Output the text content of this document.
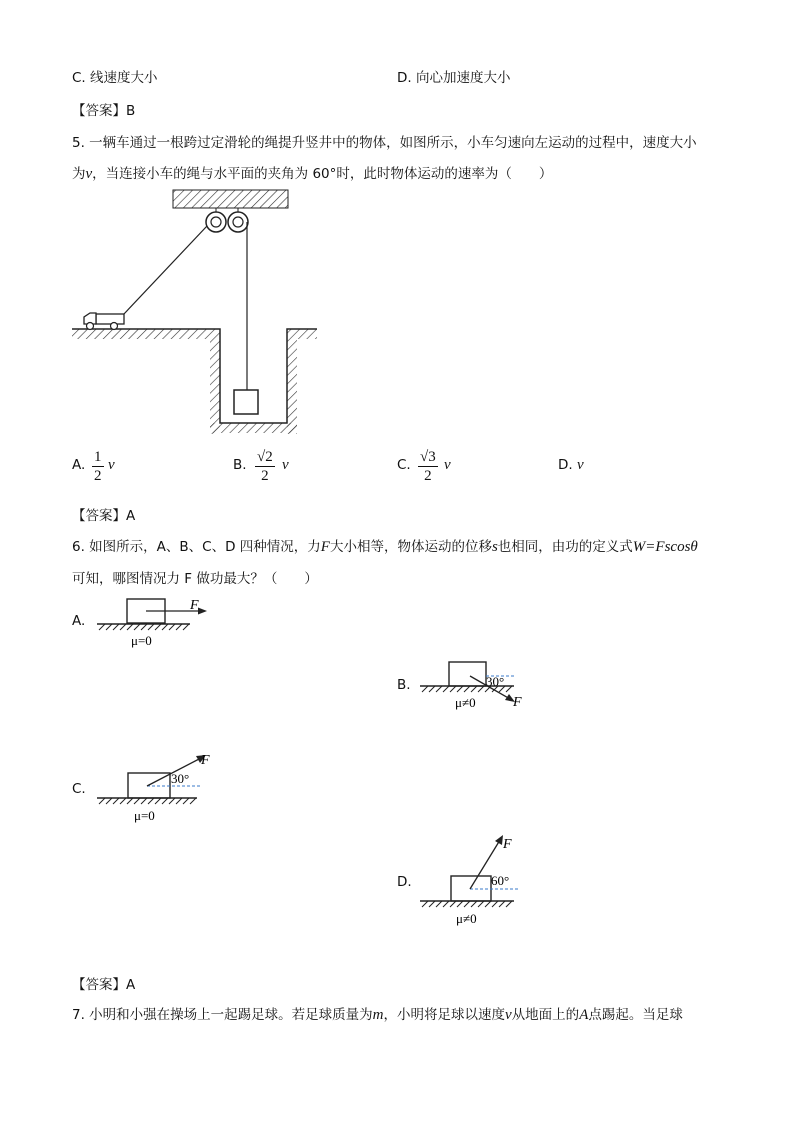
C. 线速度大小	D. 向心加速度大小
【答案】B
5. 一辆车通过一根跨过定滑轮的绳提升竖井中的物体，如图所示，小车匀速向左运动的过程中，速度大小
为v，当连接小车的绳与水平面的夹角为 60°时，此时物体运动的速率为（　　）
A. $\frac{1}{2}$ v	B. $\frac{√2}{2}$ v	C. $\frac{√3}{2}$ v	D. v
【答案】A
6. 如图所示，A、B、C、D 四种情况，力F大小相等，物体运动的位移s也相同，由功的定义式W=Fscosθ
可知，哪图情况力 F 做功最大？（　　）
A.
F
μ=0
B.	30°
F
μ≠0
C.
F
30°
μ=0
D.
F
60°
μ≠0
【答案】A
7. 小明和小强在操场上一起踢足球。若足球质量为m，小明将足球以速度v从地面上的A点踢起。当足球
